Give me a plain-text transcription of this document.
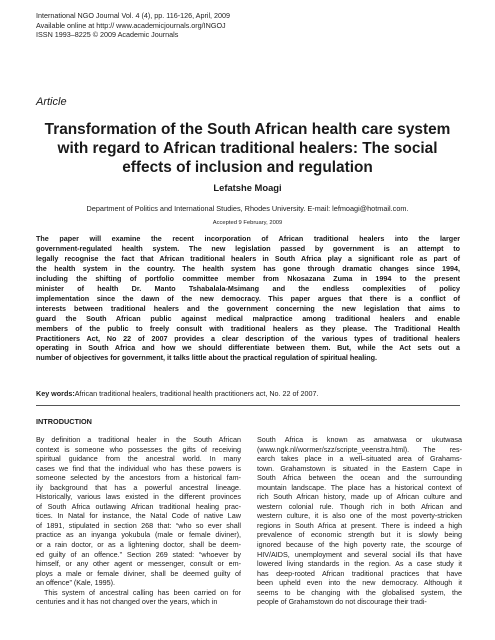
International NGO Journal Vol. 4 (4), pp. 116-126, April, 2009
Available online at http:// www.academicjournals.org/INGOJ
ISSN 1993–8225 © 2009 Academic Journals
Article
Transformation of the South African health care system
with regard to African traditional healers: The social
effects of inclusion and regulation
Lefatshe Moagi
Department of Politics and International Studies, Rhodes University. E-mail: lefmoagi@hotmail.com.
Accepted 9 February, 2009
The paper will examine the recent incorporation of African traditional healers into the larger
government-regulated health system. The new legislation passed by government is an attempt to
legally recognise the fact that African traditional healers in South Africa play a significant role as part of
the health system in the country. The health system has gone through dramatic changes since 1994,
including the shifting of portfolio committee member from Nkosazana Zuma in 1994 to the present
minister of health Dr. Manto Tshabalala-Msimang and the endless complexities of policy
implementation since the dawn of the new democracy. This paper argues that there is a conflict of
interests between traditional healers and the government concerning the new legislation that aims to
guard the South African public against medical malpractice among traditional healers and enable
members of the public to freely consult with traditional healers as they please. The Traditional Health
Practitioners Act, No 22 of 2007 provides a clear description of the various types of traditional healers
operating in South Africa and how we should differentiate between them. But, while the Act sets out a
number of objectives for government, it talks little about the practical regulation of spiritual healing.
Key words:African traditional healers, traditional health practitioners act, No. 22 of 2007.
INTRODUCTION
By definition a traditional healer in the South African
context is someone who possesses the gifts of receiving
spiritual guidance from the ancestral world. In many
cases we find that the individual who has these powers is
someone selected by the ancestors from a historical fam-
ily background that has a powerful ancestral lineage.
Historically, various laws existed in the different provinces
of South Africa outlawing African traditional healing prac-
tices. In Natal for instance, the Natal Code of native Law
of 1891, stipulated in section 268 that: “who so ever shall
practice as an inyanga yokubula (male or female diviner),
or a rain doctor, or as a lightening doctor, shall be deem-
ed guilty of an offence.” Section 269 stated: “whoever by
himself, or any other agent or messenger, consult or em-
ploys a male or female diviner, shall be deemed guilty of
an offence” (Kale, 1995).
This system of ancestral calling has been carried on for
centuries and it has not changed over the years, which in
South Africa is known as amatwasa or ukutwasa
(www.ngk.nl/wormer/szz/scripte_veenstra.html). The res-
earch takes place in a well–situated area of Grahams-
town. Grahamstown is situated in the Eastern Cape in
South Africa between the ocean and the surrounding
mountain landscape. The place has a historical context of
rich South African history, made up of African culture and
western colonial rule. Though rich in both African and
western culture, it is also one of the most poverty-stricken
regions in South Africa at present. There is indeed a high
prevalence of economic strength but it is slowly being
ignored because of the high poverty rate, the scourge of
HIV/AIDS, unemployment and several social ills that have
lowered living standards in the region. As a case study it
has deep-rooted African traditional practices that have
been upheld even into the new democracy. Although it
seems to be changing with the globalised system, the
people of Grahamstown do not discourage their tradi-
